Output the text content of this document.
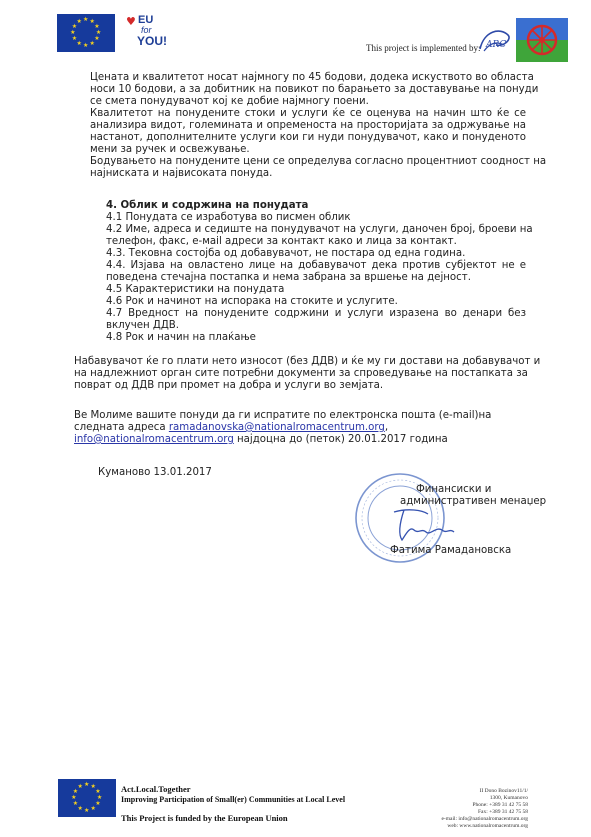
★ ★
★
★
★
★
★
★
★
★
★
★	♥ EU
for
YOU!	This project is implemented by: ARC
Цената и квалитетот носат најмногу по 45 бодови, додека искуството во областа
носи 10 бодови, а за добитник на повикот по барањето за доставување на понуди
се смета понудувачот кој ке добие најмногу поени.
Квалитетот на понудените стоки и услуги ќе се оценува на начин што ќе се
анализира видот, големината и опременоста на просториjата за одржување на
настанот, дополнителните услуги кои ги нуди понудувачот, како и понуденото
мени за ручек и освежување.
Бодувањето на понудените цени се определува согласно процентниот соодност на
најниската и највисоката понуда.
4. Облик и содржина на понудата
4.1 Понудата се изработува во писмен облик
4.2 Име, адреса и седиште на понудувачот на услуги, даночен број, броеви на
телефон, факс, e-маil адреси за контакт како и лица за контакт.
4.3. Тековна состојба од добавувачот, не постара од една година.
4.4. Изјава на овластено лице на добавувачот дека против субјектот не е
поведена стечајна постапка и нема забрана за вршење на дејност.
4.5 Карактеристики на понудата
4.6 Рок и начинот на испорака на стоките и услугите.
4.7 Вредност на понудените содржини и услуги изразена во денари без
вклучен ДДВ.
4.8 Рок и начин на плаќање
Набавувачот ќе го плати нето износот (без ДДВ) и ќе му ги достави на добавувачот и
на надлежниот орган сите потребни документи за спроведување на постапката за
поврат од ДДВ при промет на добра и услуги во земјата.
Ве Молиме вашите понуди да ги испратите по електронска пошта (e-mail)на
следната адреса ramadanovska@nationalromacentrum.org,
info@nationalromacentrum.org најдоцна до (петок) 20.01.2017 година
Куманово 13.01.2017
Финансиски и
административен менаџер
Фатима Рамадановска
★ ★
★
★
★
★
★
★
★
★
★
★	Act.Local.Together
Improving Participation of Small(er) Communities at Local Level
This Project is funded by the European Union
II Dono Bozinov11/1/
1300, Kumanovo
Phone: +389 31 42 75 58
Fax: +389 31 42 75 58
e-mail: info@nationalromacentrum.org
web: www.nationalromacentrum.org
